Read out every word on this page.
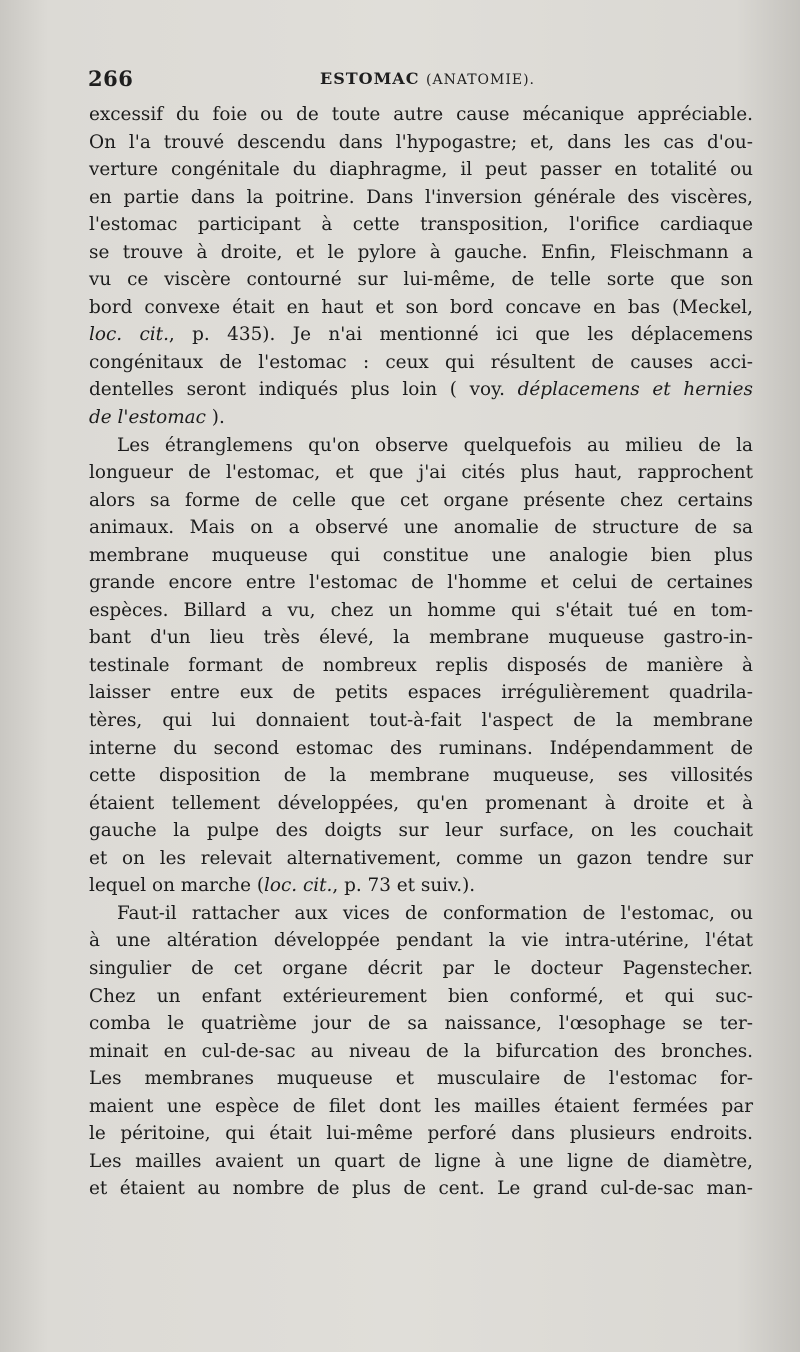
266	ESTOMAC (ANATOMIE).
excessif du foie ou de toute autre cause mécanique appréciable.
On l'a trouvé descendu dans l'hypogastre; et, dans les cas d'ou-
verture congénitale du diaphragme, il peut passer en totalité ou
en partie dans la poitrine. Dans l'inversion générale des viscères,
l'estomac participant à cette transposition, l'orifice cardiaque
se trouve à droite, et le pylore à gauche. Enfin, Fleischmann a
vu ce viscère contourné sur lui-même, de telle sorte que son
bord convexe était en haut et son bord concave en bas (Meckel,
loc. cit., p. 435). Je n'ai mentionné ici que les déplacemens
congénitaux de l'estomac : ceux qui résultent de causes acci-
dentelles seront indiqués plus loin ( voy. déplacemens et hernies
de l'estomac ).
Les étranglemens qu'on observe quelquefois au milieu de la
longueur de l'estomac, et que j'ai cités plus haut, rapprochent
alors sa forme de celle que cet organe présente chez certains
animaux. Mais on a observé une anomalie de structure de sa
membrane muqueuse qui constitue une analogie bien plus
grande encore entre l'estomac de l'homme et celui de certaines
espèces. Billard a vu, chez un homme qui s'était tué en tom-
bant d'un lieu très élevé, la membrane muqueuse gastro-in-
testinale formant de nombreux replis disposés de manière à
laisser entre eux de petits espaces irrégulièrement quadrila-
tères, qui lui donnaient tout-à-fait l'aspect de la membrane
interne du second estomac des ruminans. Indépendamment de
cette disposition de la membrane muqueuse, ses villosités
étaient tellement développées, qu'en promenant à droite et à
gauche la pulpe des doigts sur leur surface, on les couchait
et on les relevait alternativement, comme un gazon tendre sur
lequel on marche (loc. cit., p. 73 et suiv.).
Faut-il rattacher aux vices de conformation de l'estomac, ou
à une altération développée pendant la vie intra-utérine, l'état
singulier de cet organe décrit par le docteur Pagenstecher.
Chez un enfant extérieurement bien conformé, et qui suc-
comba le quatrième jour de sa naissance, l'œsophage se ter-
minait en cul-de-sac au niveau de la bifurcation des bronches.
Les membranes muqueuse et musculaire de l'estomac for-
maient une espèce de filet dont les mailles étaient fermées par
le péritoine, qui était lui-même perforé dans plusieurs endroits.
Les mailles avaient un quart de ligne à une ligne de diamètre,
et étaient au nombre de plus de cent. Le grand cul-de-sac man-
